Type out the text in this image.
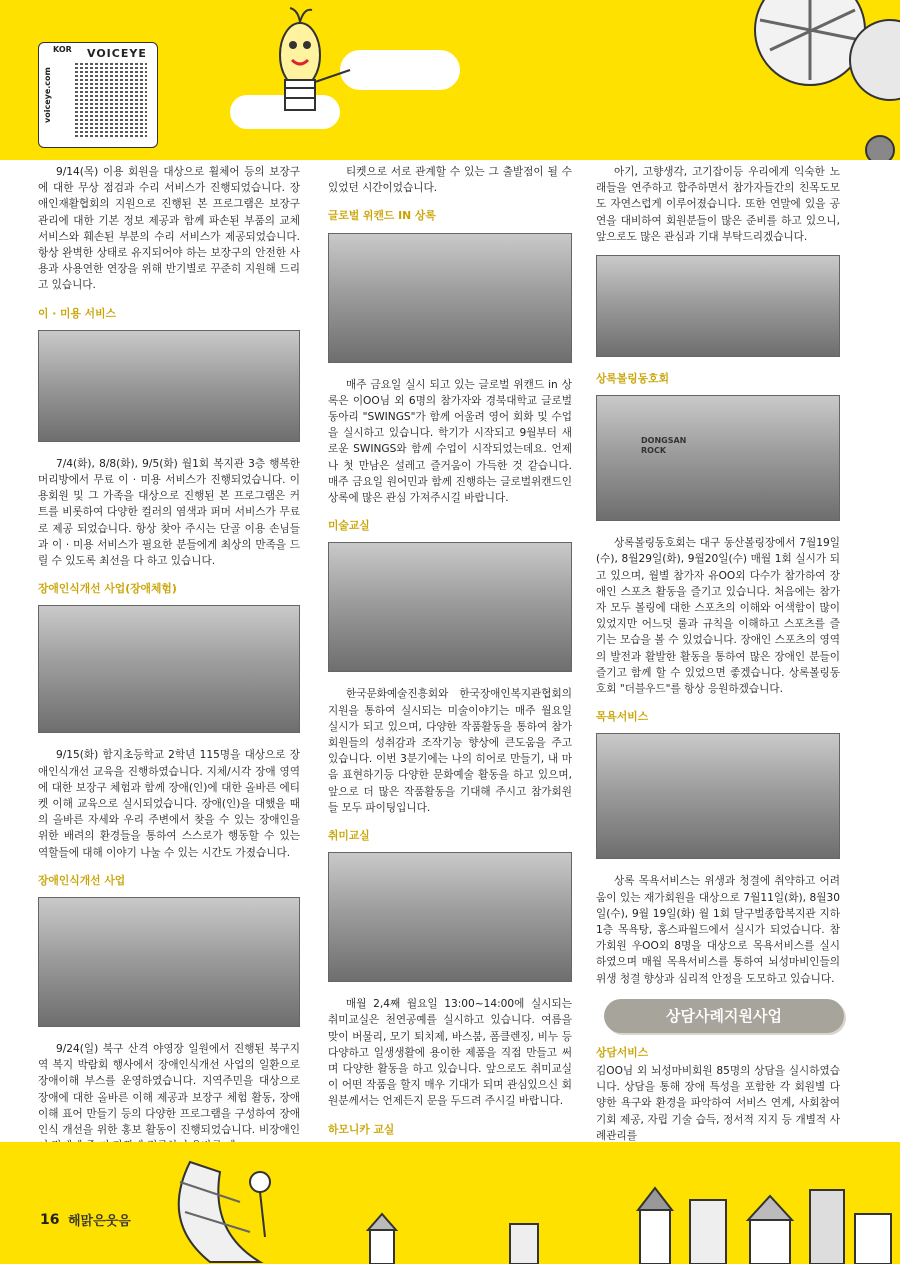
voiceye.com
KOR VOICEYE

9/14(목) 이용 회원을 대상으로 휠체어 등의 보장구에 대한 무상 점검과 수리 서비스가 진행되었습니다. 장애인재활협회의 지원으로 진행된 본 프로그램은 보장구 관리에 대한 기본 정보 제공과 함께 파손된 부품의 교체 서비스와 훼손된 부분의 수리 서비스가 제공되었습니다. 항상 완벽한 상태로 유지되어야 하는 보장구의 안전한 사용과 사용연한 연장을 위해 반기별로 꾸준히 지원해 드리고 있습니다.

이 · 미용 서비스

7/4(화), 8/8(화), 9/5(화) 월1회 복지관 3층 행복한 머리방에서 무료 이 · 미용 서비스가 진행되었습니다. 이용회원 및 그 가족을 대상으로 진행된 본 프로그램은 커트를 비롯하여 다양한 컬러의 염색과 퍼머 서비스가 무료로 제공 되었습니다. 항상 찾아 주시는 단골 이용 손님들과 이 · 미용 서비스가 필요한 분들에게 최상의 만족을 드릴 수 있도록 최선을 다 하고 있습니다.

장애인식개선 사업(장애체험)

9/15(화) 함지초등학교 2학년 115명을 대상으로 장애인식개선 교육을 진행하였습니다. 지체/시각 장애 영역에 대한 보장구 체험과 함께 장애(인)에 대한 올바른 에티켓 이해 교육으로 실시되었습니다. 장애(인)을 대했을 때의 올바른 자세와 우리 주변에서 찾을 수 있는 장애인을 위한 배려의 환경들을 통하여 스스로가 행동할 수 있는 역할들에 대해 이야기 나눌 수 있는 시간도 가졌습니다.

장애인식개선 사업

9/24(일) 북구 산격 야영장 일원에서 진행된 북구지역 복지 박람회 행사에서 장애인식개선 사업의 일환으로 장애이해 부스를 운영하였습니다. 지역주민을 대상으로 장애에 대한 올바른 이해 제공과 보장구 체험 활동, 장애이해 표어 만들기 등의 다양한 프로그램을 구성하여 장애인식 개선을 위한 홍보 활동이 진행되었습니다. 비장애인

티켓으로 서로 관계할 수 있는 그 출발점이 될 수 있었던 시간이었습니다.

글로벌 위캔드 IN 상록

매주 금요일 실시 되고 있는 글로벌 위캔드 in 상록은 이OO님 외 6명의 참가자와 경북대학교 글로벌 동아리 "SWINGS"가 함께 어울려 영어 회화 및 수업을 실시하고 있습니다. 학기가 시작되고 9월부터 새로운 SWINGS와 함께 수업이 시작되었는데요. 언제나 첫 만남은 설레고 즐거움이 가득한 것 같습니다. 매주 금요일 원어민과 함께 진행하는 글로벌위캔드인 상록에 많은 관심 가져주시길 바랍니다.

미술교실

한국문화예술진흥회와 한국장애인복지관협회의 지원을 통하여 실시되는 미술이야기는 매주 월요일 실시가 되고 있으며, 다양한 작품활동을 통하여 참가 회원들의 성취감과 조작기능 향상에 큰도움을 주고 있습니다. 이번 3분기에는 나의 히어로 만들기, 내 마음 표현하기등 다양한 문화예술 활동을 하고 있으며, 앞으로 더 많은 작품활동을 기대해 주시고 참가회원들 모두 파이팅입니다.

취미교실

매월 2,4째 월요일 13:00~14:00에 실시되는 취미교실은 천연공예를 실시하고 있습니다. 여름을 맞이 버물리, 모기 퇴치제, 바스붐, 폼클렌징, 비누 등 다양하고 일생생활에 용이한 제품을 직접 만들고 써며 다양한 활동을 하고 있습니다. 앞으로도 취미교실이 어떤 작품을 할지 매우 기대가 되며 관심있으신 회원분께서는 언제든지 문을 두드려 주시길 바랍니다.

하모니카 교실

아기, 고향생각, 고기잡이등 우리에게 익숙한 노래들을 연주하고 합주하면서 참가자들간의 친목도모도 자연스럽게 이루어졌습니다. 또한 연말에 있을 공연을 대비하여 회원분들이 많은 준비를 하고 있으니, 앞으로도 많은 관심과 기대 부탁드리겠습니다.

상록볼링동호회
DONGSAN ROCK

상록볼링동호회는 대구 동산볼링장에서 7월19일(수), 8월29일(화), 9월20일(수) 매월 1회 실시가 되고 있으며, 월별 참가자 유OO외 다수가 참가하여 장애인 스포츠 활동을 즐기고 있습니다. 처음에는 참가자 모두 볼링에 대한 스포츠의 이해와 어색함이 많이 있었지만 어느덧 룰과 규칙을 이해하고 스포츠를 즐기는 모습을 볼 수 있었습니다. 장애인 스포츠의 영역의 발전과 활발한 활동을 통하여 많은 장애인 분들이 즐기고 함께 할 수 있었으면 좋겠습니다. 상록볼링동호회 "더블우드"를 항상 응원하겠습니다.

목욕서비스

상록 목욕서비스는 위생과 청결에 취약하고 어려움이 있는 재가회원을 대상으로 7월11일(화), 8월30일(수), 9월 19일(화) 월 1회 달구벌종합복지관 지하 1층 목욕탕, 홈스파월드에서 실시가 되었습니다. 참가회원 우OO외 8명을 대상으로 목욕서비스를 실시하였으며 매월 목욕서비스를 통하여 뇌성마비인들의 위생 청결 향상과 심리적 안정을 도모하고 있습니다.

상담사례지원사업
상담서비스

김OO님 외 뇌성마비회원 85명의 상담을 실시하였습니다. 상담을 통해 장애 특성을 포함한 각 회원별 다양한 욕구와 환경을 파악하여 서비스 연계, 사회참여 기회 제공, 자립 기술 습득, 정서적 지지 등 개별적 사례관리를

16 해맑은웃음
